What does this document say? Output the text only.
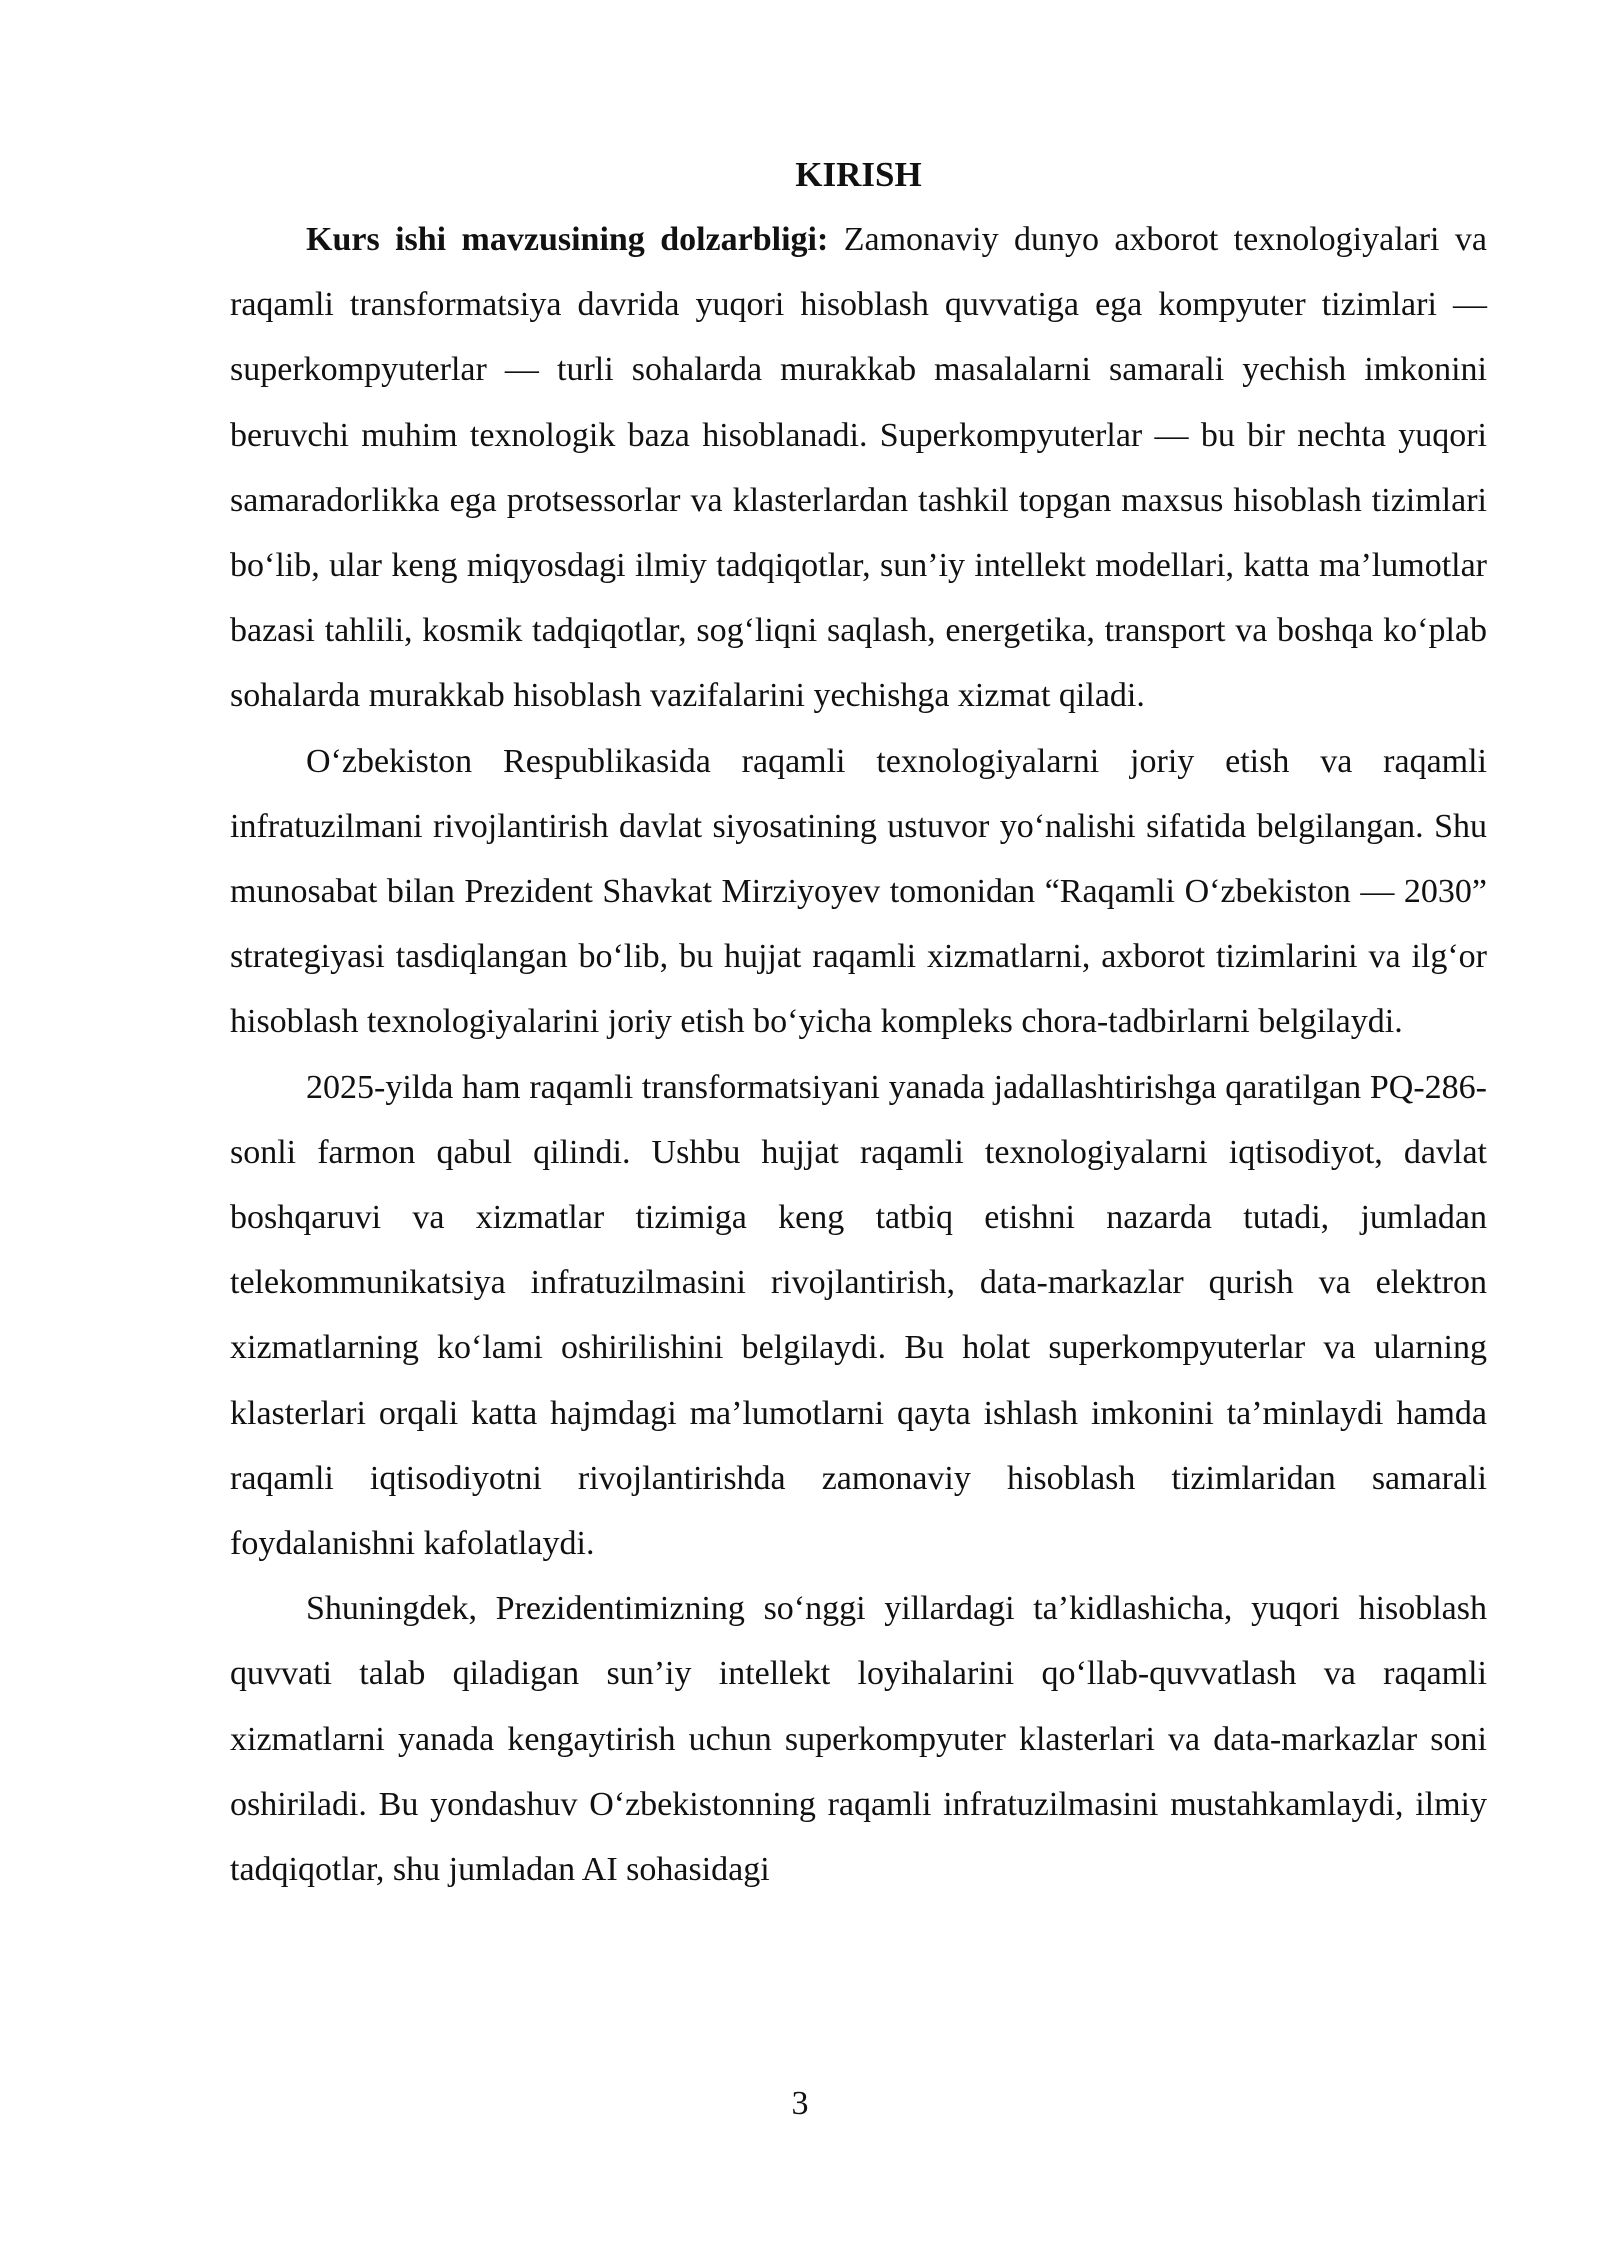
KIRISH

Kurs ishi mavzusining dolzarbligi: Zamonaviy dunyo axborot texnologiyalari va raqamli transformatsiya davrida yuqori hisoblash quvvatiga ega kompyuter tizimlari — superkompyuterlar — turli sohalarda murakkab masalalarni samarali yechish imkonini beruvchi muhim texnologik baza hisoblanadi. Superkompyuterlar — bu bir nechta yuqori samaradorlikka ega protsessorlar va klasterlardan tashkil topgan maxsus hisoblash tizimlari bo‘lib, ular keng miqyosdagi ilmiy tadqiqotlar, sun’iy intellekt modellari, katta ma’lumotlar bazasi tahlili, kosmik tadqiqotlar, sog‘liqni saqlash, energetika, transport va boshqa ko‘plab sohalarda murakkab hisoblash vazifalarini yechishga xizmat qiladi.

O‘zbekiston Respublikasida raqamli texnologiyalarni joriy etish va raqamli infratuzilmani rivojlantirish davlat siyosatining ustuvor yo‘nalishi sifatida belgilangan. Shu munosabat bilan Prezident Shavkat Mirziyoyev tomonidan “Raqamli O‘zbekiston — 2030” strategiyasi tasdiqlangan bo‘lib, bu hujjat raqamli xizmatlarni, axborot tizimlarini va ilg‘or hisoblash texnologiyalarini joriy etish bo‘yicha kompleks chora-tadbirlarni belgilaydi.

2025-yilda ham raqamli transformatsiyani yanada jadallashtirishga qaratilgan PQ-286-sonli farmon qabul qilindi. Ushbu hujjat raqamli texnologiyalarni iqtisodiyot, davlat boshqaruvi va xizmatlar tizimiga keng tatbiq etishni nazarda tutadi, jumladan telekommunikatsiya infratuzilmasini rivojlantirish, data-markazlar qurish va elektron xizmatlarning ko‘lami oshirilishini belgilaydi. Bu holat superkompyuterlar va ularning klasterlari orqali katta hajmdagi ma’lumotlarni qayta ishlash imkonini ta’minlaydi hamda raqamli iqtisodiyotni rivojlantirishda zamonaviy hisoblash tizimlaridan samarali foydalanishni kafolatlaydi.

Shuningdek, Prezidentimizning so‘nggi yillardagi ta’kidlashicha, yuqori hisoblash quvvati talab qiladigan sun’iy intellekt loyihalarini qo‘llab-quvvatlash va raqamli xizmatlarni yanada kengaytirish uchun superkompyuter klasterlari va data-markazlar soni oshiriladi. Bu yondashuv O‘zbekistonning raqamli infratuzilmasini mustahkamlaydi, ilmiy tadqiqotlar, shu jumladan AI sohasidagi

3
